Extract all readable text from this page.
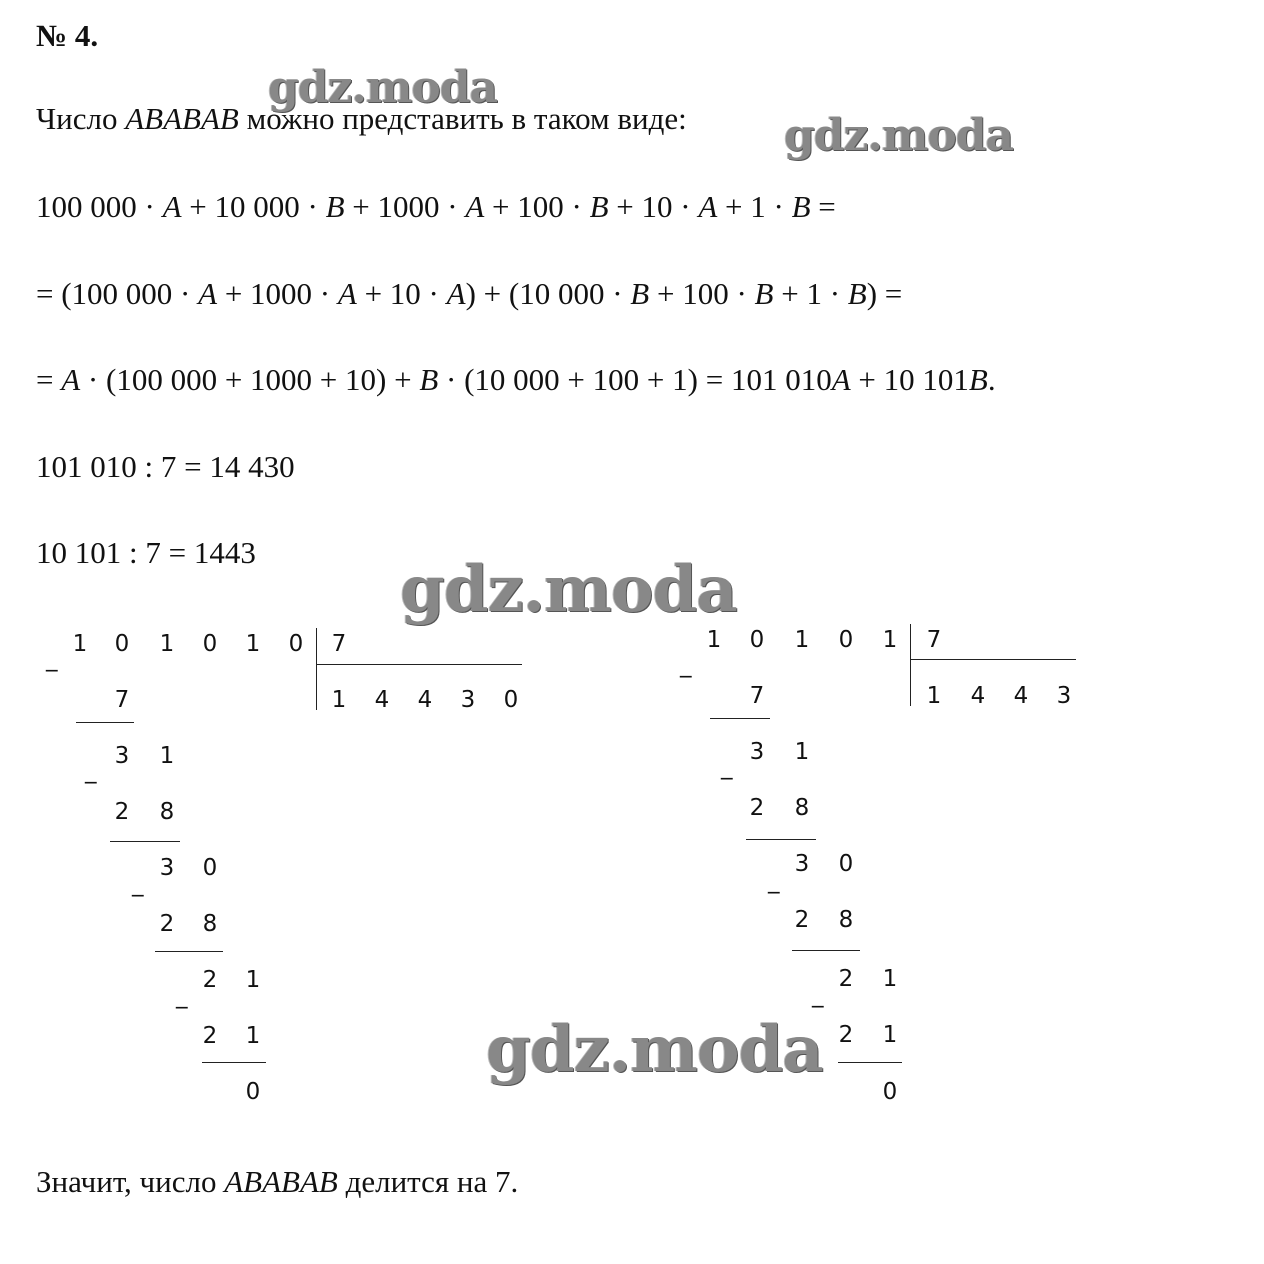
№ 4.
Число ABABAB можно представить в таком виде:
100 000 · A + 10 000 · B + 1000 · A + 100 · B + 10 · A + 1 · B =
= (100 000 · A + 1000 · A + 10 · A) + (10 000 · B + 100 · B + 1 · B) =
= A · (100 000 + 1000 + 10) + B · (10 000 + 100 + 1) = 101 010A + 10 101B.
101 010 : 7 = 14 430
10 101 : 7 = 1443
1 0 1 0 1 0
_
7
1 4 4 3 0
7
_
3 1
2 8
_
3 0
2 8
_
2 1
2 1
0
1 0 1 0 1
_
7
1 4 4 3
7
_
3 1
2 8
_
3 0
2 8
_
2 1
2 1
0
Значит, число ABABAB делится на 7.
gdz.moda
gdz.moda
gdz.moda
gdz.moda
